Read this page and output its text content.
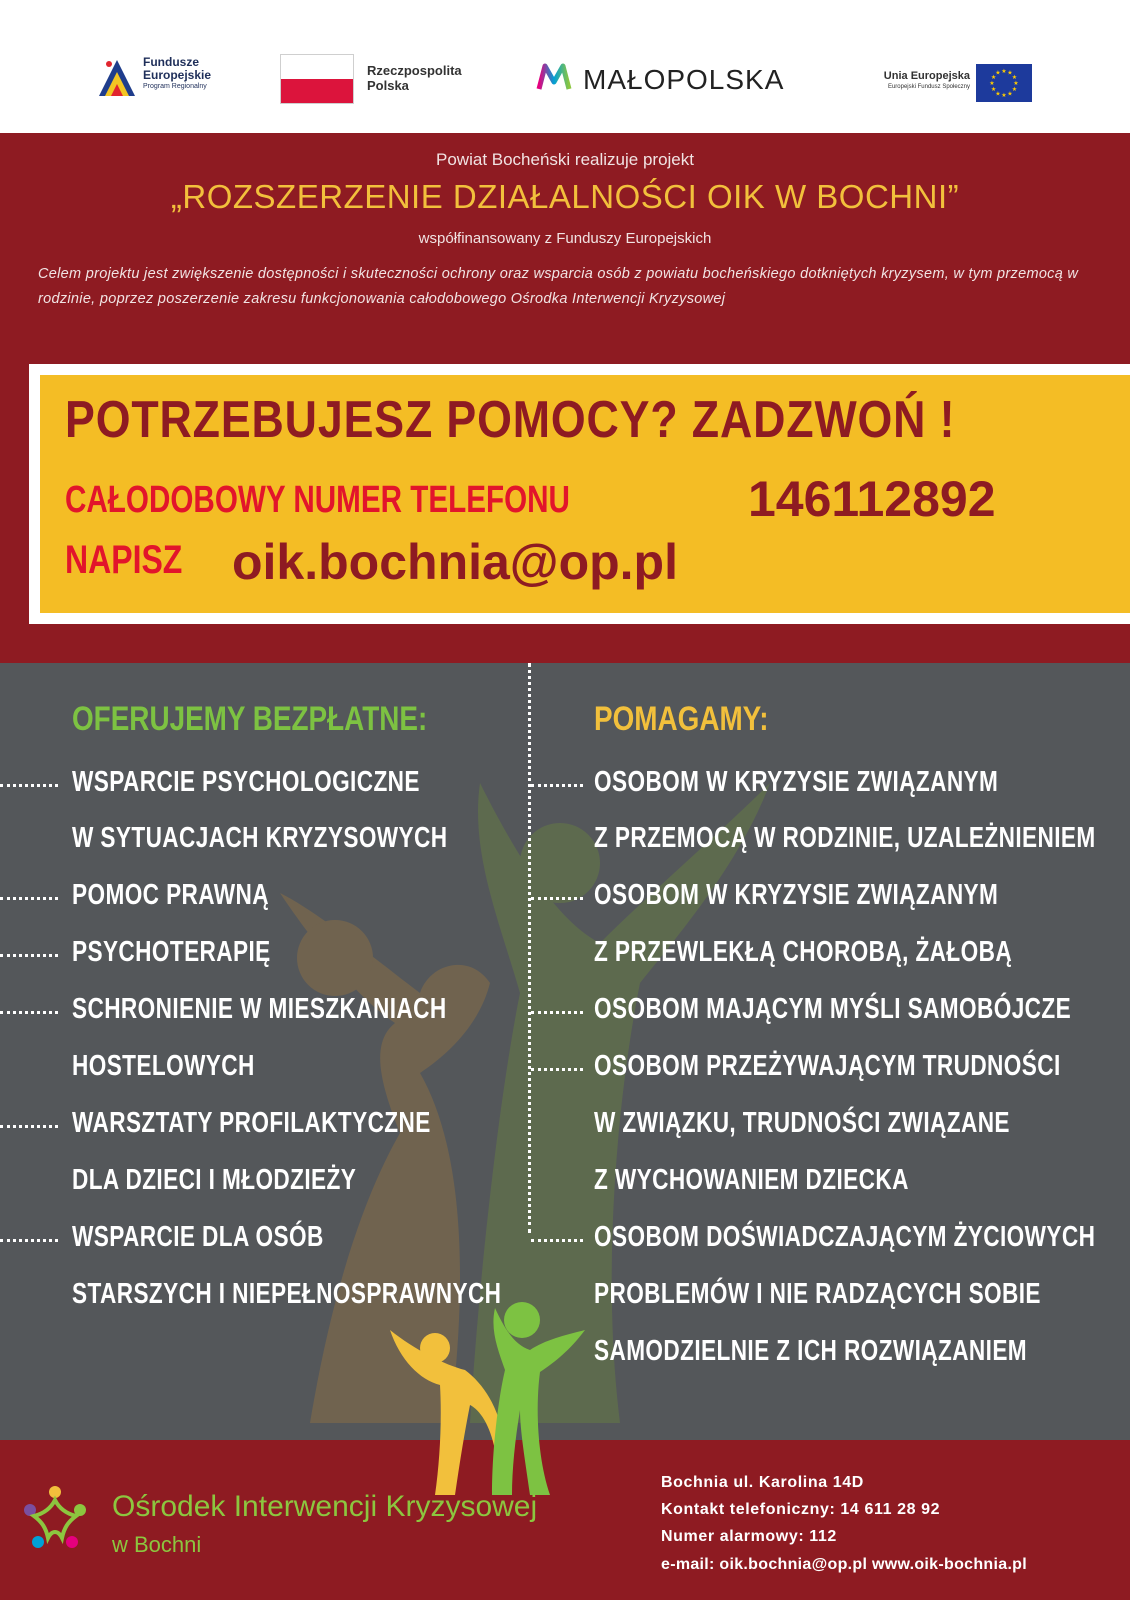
Fundusze
Europejskie
Program Regionalny
Rzeczpospolita
Polska	MAŁOPOLSKA	Unia Europejska
Europejski Fundusz Społeczny
★ ★
★
★
★
★
★
★
★
★
★
★
Powiat Bocheński realizuje projekt
„ROZSZERZENIE DZIAŁALNOŚCI OIK W BOCHNI”
współfinansowany z Funduszy Europejskich
Celem projektu jest zwiększenie dostępności i skuteczności ochrony oraz wsparcia osób z powiatu bocheńskiego dotkniętych kryzysem, w tym przemocą w rodzinie, poprzez poszerzenie zakresu funkcjonowania całodobowego Ośrodka Interwencji Kryzysowej
POTRZEBUJESZ POMOCY? ZADZWOŃ !
CAŁODOBOWY NUMER TELEFONU	146112892
NAPISZ oik.bochnia@op.pl
OFERUJEMY BEZPŁATNE:	POMAGAMY:
WSPARCIE PSYCHOLOGICZNE
W SYTUACJACH KRYZYSOWYCH
POMOC PRAWNĄ
PSYCHOTERAPIĘ
SCHRONIENIE W MIESZKANIACH
HOSTELOWYCH
WARSZTATY PROFILAKTYCZNE
DLA DZIECI I MŁODZIEŻY
WSPARCIE DLA OSÓB
STARSZYCH I NIEPEŁNOSPRAWNYCH
OSOBOM W KRYZYSIE ZWIĄZANYM
Z PRZEMOCĄ W RODZINIE, UZALEŻNIENIEM
OSOBOM W KRYZYSIE ZWIĄZANYM
Z PRZEWLEKŁĄ CHOROBĄ, ŻAŁOBĄ
OSOBOM MAJĄCYM MYŚLI SAMOBÓJCZE
OSOBOM PRZEŻYWAJĄCYM TRUDNOŚCI
W ZWIĄZKU, TRUDNOŚCI ZWIĄZANE
Z WYCHOWANIEM DZIECKA
OSOBOM DOŚWIADCZAJĄCYM ŻYCIOWYCH
PROBLEMÓW I NIE RADZĄCYCH SOBIE
SAMODZIELNIE Z ICH ROZWIĄZANIEM
Ośrodek Interwencji Kryzysowej
w Bochni
Bochnia ul. Karolina 14D
Kontakt telefoniczny: 14 611 28 92
Numer alarmowy: 112
e-mail: oik.bochnia@op.pl www.oik-bochnia.pl
